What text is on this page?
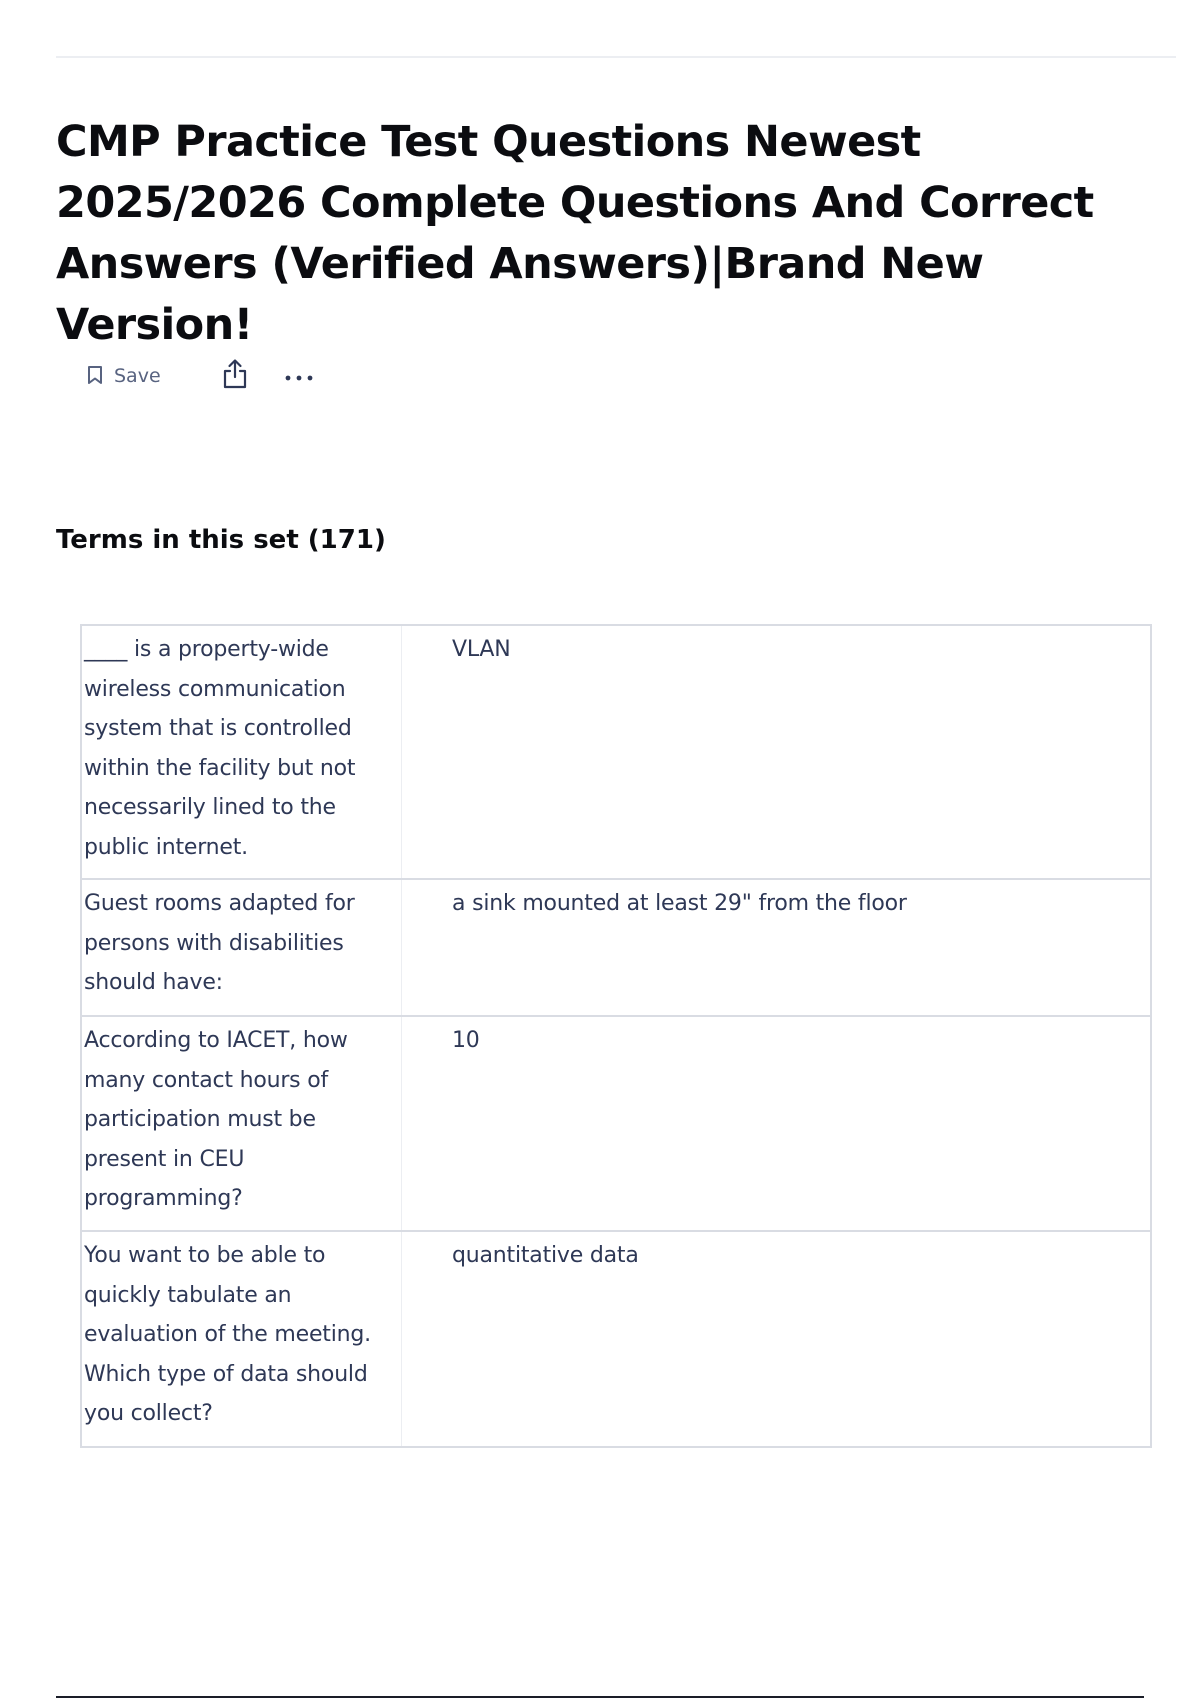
CMP Practice Test Questions Newest 2025/2026 Complete Questions And Correct Answers (Verified Answers)|Brand New Version!
Save
Terms in this set (171)
____ is a property-wide wireless communication system that is controlled within the facility but not necessarily lined to the public internet.
VLAN
Guest rooms adapted for persons with disabilities should have:
a sink mounted at least 29" from the floor
According to IACET, how many contact hours of participation must be present in CEU programming?
10
You want to be able to quickly tabulate an evaluation of the meeting. Which type of data should you collect?
quantitative data
